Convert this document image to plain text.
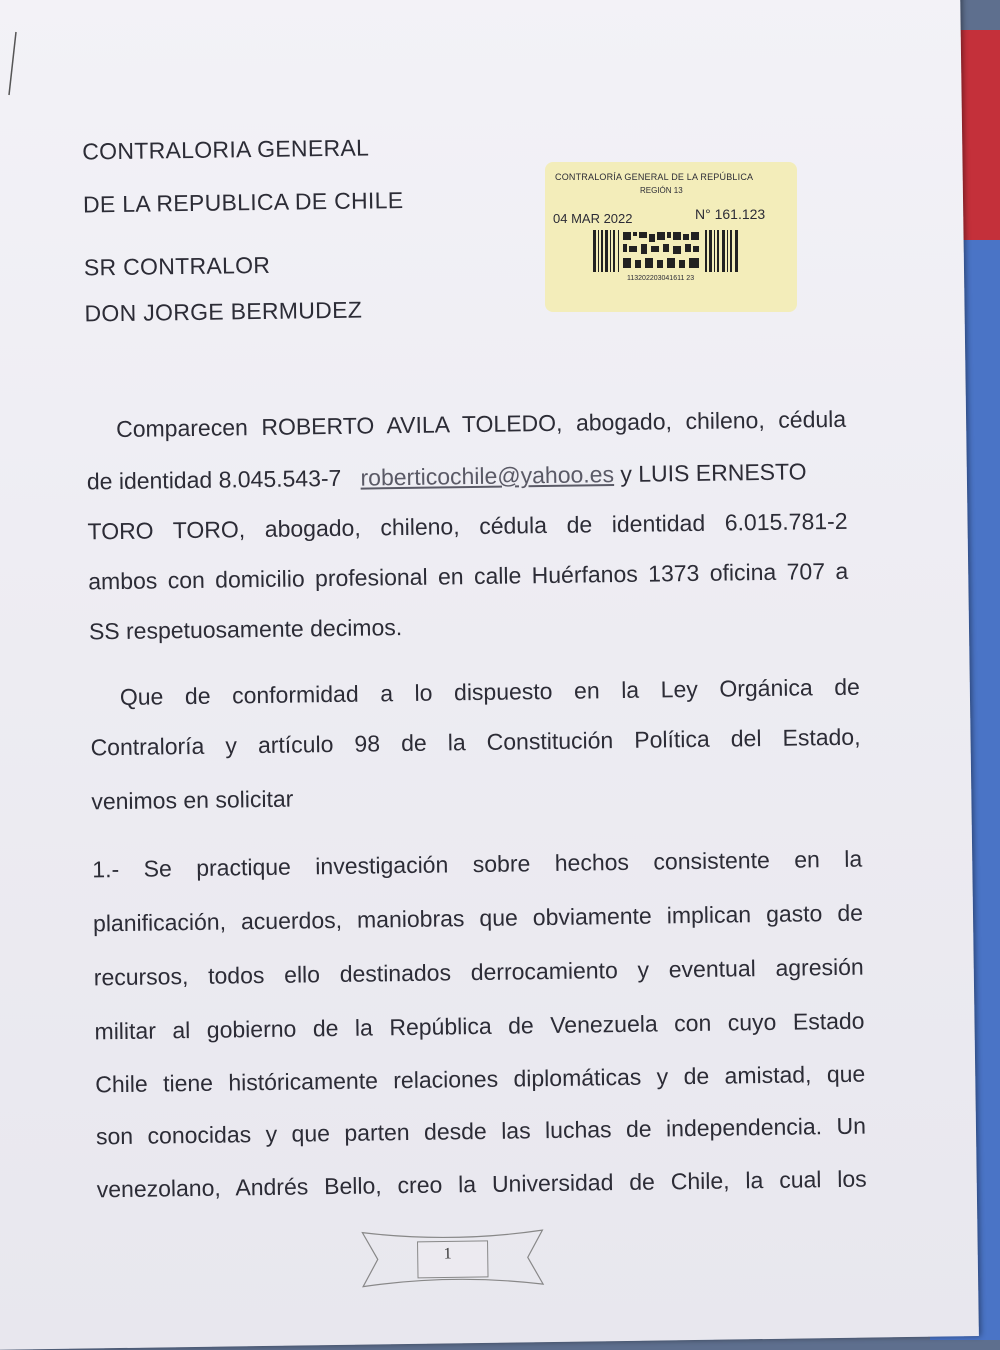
CONTRALORIA GENERAL
DE LA REPUBLICA DE CHILE
SR CONTRALOR
DON JORGE BERMUDEZ
Comparecen ROBERTO AVILA TOLEDO, abogado, chileno, cédula
de identidad 8.045.543-7 roberticochile@yahoo.es y LUIS ERNESTO
TORO TORO, abogado, chileno, cédula de identidad 6.015.781-2
ambos con domicilio profesional en calle Huérfanos 1373 oficina 707 a
SS respetuosamente decimos.
Que de conformidad a lo dispuesto en la Ley Orgánica de
Contraloría y artículo 98 de la Constitución Política del Estado,
venimos en solicitar
1.- Se practique investigación sobre hechos consistente en la
planificación, acuerdos, maniobras que obviamente implican gasto de
recursos, todos ello destinados derrocamiento y eventual agresión
militar al gobierno de la República de Venezuela con cuyo Estado
Chile tiene históricamente relaciones diplomáticas y de amistad, que
son conocidas y que parten desde las luchas de independencia. Un
venezolano, Andrés Bello, creo la Universidad de Chile, la cual los
1
CONTRALORÍA GENERAL DE LA REPÚBLICA
REGIÓN 13
04 MAR 2022	N° 161.123
113202203041611 23
